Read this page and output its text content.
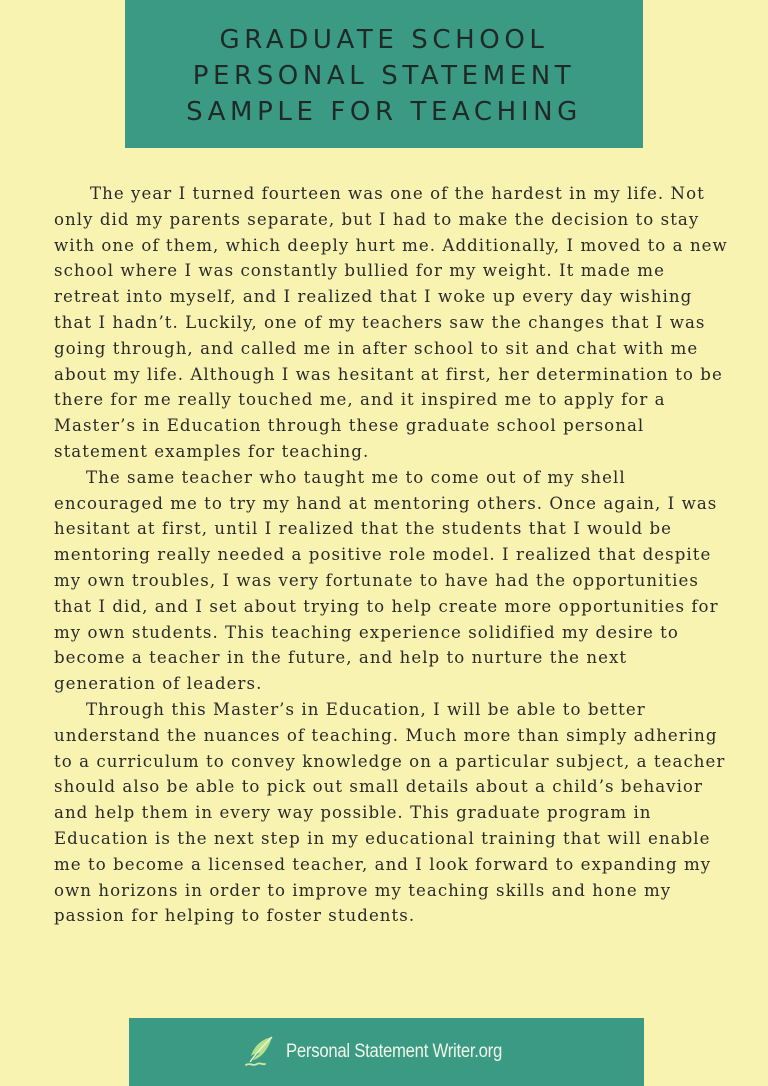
GRADUATE SCHOOL
PERSONAL STATEMENT
SAMPLE FOR TEACHING

The year I turned fourteen was one of the hardest in my life. Not only did my parents separate, but I had to make the decision to stay with one of them, which deeply hurt me. Additionally, I moved to a new school where I was constantly bullied for my weight. It made me retreat into myself, and I realized that I woke up every day wishing that I hadn’t. Luckily, one of my teachers saw the changes that I was going through, and called me in after school to sit and chat with me about my life. Although I was hesitant at first, her determination to be there for me really touched me, and it inspired me to apply for a Master’s in Education through these graduate school personal statement examples for teaching.

The same teacher who taught me to come out of my shell encouraged me to try my hand at mentoring others. Once again, I was hesitant at first, until I realized that the students that I would be mentoring really needed a positive role model. I realized that despite my own troubles, I was very fortunate to have had the opportunities that I did, and I set about trying to help create more opportunities for my own students. This teaching experience solidified my desire to become a teacher in the future, and help to nurture the next generation of leaders.

Through this Master’s in Education, I will be able to better understand the nuances of teaching. Much more than simply adhering to a curriculum to convey knowledge on a particular subject, a teacher should also be able to pick out small details about a child’s behavior and help them in every way possible. This graduate program in Education is the next step in my educational training that will enable me to become a licensed teacher, and I look forward to expanding my own horizons in order to improve my teaching skills and hone my passion for helping to foster students.

Personal Statement Writer.org
